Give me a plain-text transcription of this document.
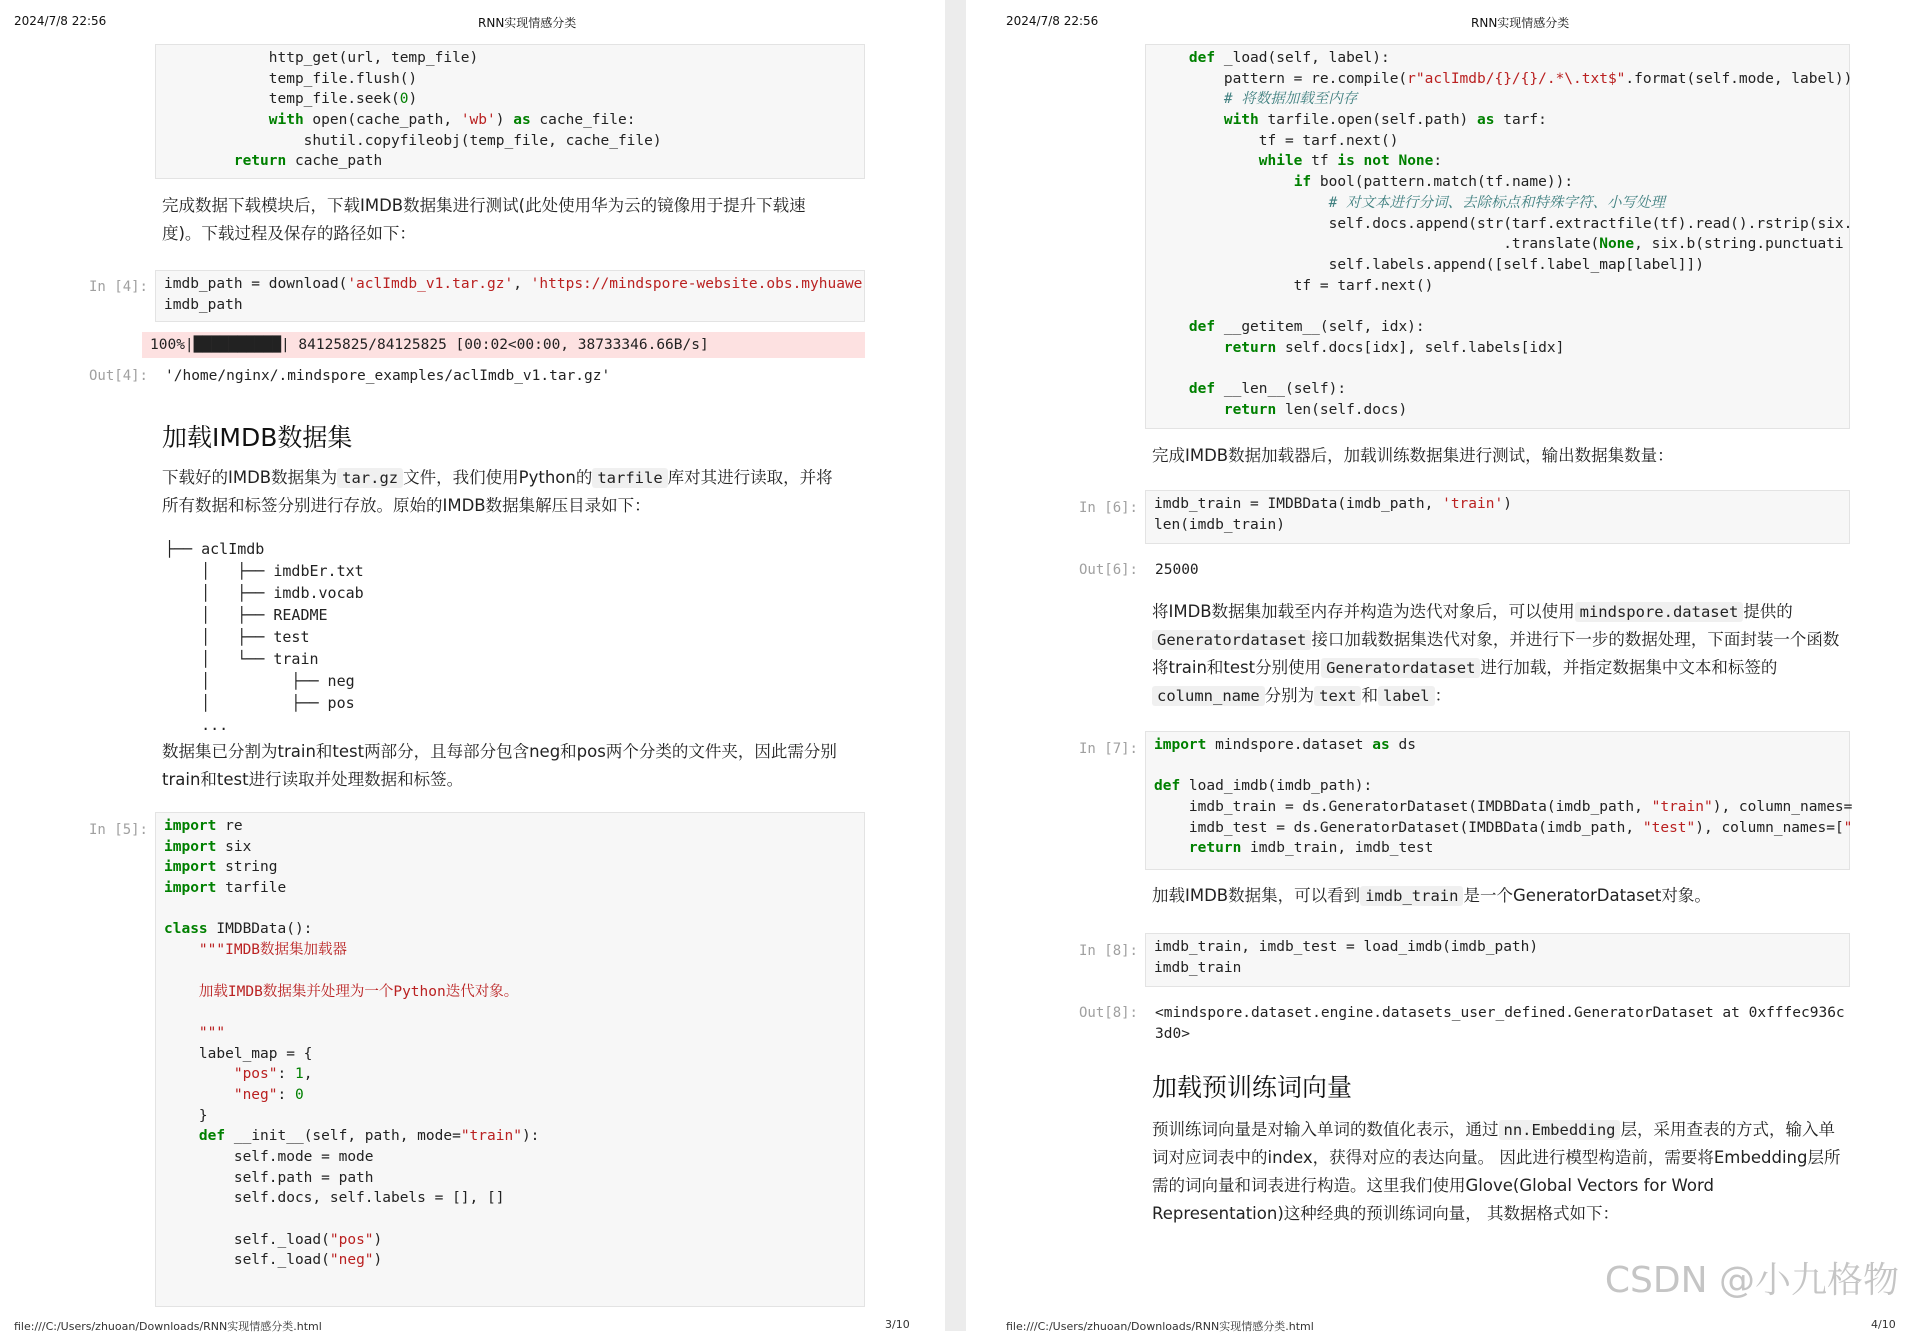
2024/7/8 22:56	RNN实现情感分类
http_get(url, temp_file)
temp_file.flush()
temp_file.seek(0)
with open(cache_path, 'wb') as cache_file:
shutil.copyfileobj(temp_file, cache_file)
return cache_path
完成数据下载模块后，下载IMDB数据集进行测试(此处使用华为云的镜像用于提升下载速度)。下载过程及保存的路径如下：
In [4]: imdb_path = download('aclImdb_v1.tar.gz', 'https://mindspore-website.obs.myhuawe
imdb_path
100%|██████████| 84125825/84125825 [00:02<00:00, 38733346.66B/s]
Out[4]: '/home/nginx/.mindspore_examples/aclImdb_v1.tar.gz'
加载IMDB数据集
下载好的IMDB数据集为 tar.gz 文件，我们使用Python的 tarfile 库对其进行读取，并将所有数据和标签分别进行存放。原始的IMDB数据集解压目录如下：
├── aclImdb
│   ├── imdbEr.txt
│   ├── imdb.vocab
│   ├── README
│   ├── test
│   └── train
│         ├── neg
│         ├── pos
...
数据集已分割为train和test两部分，且每部分包含neg和pos两个分类的文件夹，因此需分别train和test进行读取并处理数据和标签。
In [5]: import re
import six
import string
import tarfile
class IMDBData():
"""IMDB数据集加载器
加载IMDB数据集并处理为一个Python迭代对象。
"""
label_map = {
"pos": 1,
"neg": 0
}
def __init__(self, path, mode="train"):
self.mode = mode
self.path = path
self.docs, self.labels = [], []
self._load("pos")
self._load("neg")
file:///C:/Users/zhuoan/Downloads/RNN实现情感分类.html	3/10
2024/7/8 22:56	RNN实现情感分类
def _load(self, label):
pattern = re.compile(r"aclImdb/{}/{}/.*\.txt$".format(self.mode, label))
# 将数据加载至内存
with tarfile.open(self.path) as tarf:
tf = tarf.next()
while tf is not None:
if bool(pattern.match(tf.name)):
# 对文本进行分词、去除标点和特殊字符、小写处理
self.docs.append(str(tarf.extractfile(tf).read().rstrip(six.
.translate(None, six.b(string.punctuati
self.labels.append([self.label_map[label]])
tf = tarf.next()
def __getitem__(self, idx):
return self.docs[idx], self.labels[idx]
def __len__(self):
return len(self.docs)
完成IMDB数据加载器后，加载训练数据集进行测试，输出数据集数量：
In [6]: imdb_train = IMDBData(imdb_path, 'train')
len(imdb_train)
Out[6]: 25000
将IMDB数据集加载至内存并构造为迭代对象后，可以使用 mindspore.dataset 提供的Generatordataset 接口加载数据集迭代对象，并进行下一步的数据处理，下面封装一个函数将train和test分别使用 Generatordataset 进行加载，并指定数据集中文本和标签的column_name 分别为 text 和 label ：
In [7]: import mindspore.dataset as ds
def load_imdb(imdb_path):
imdb_train = ds.GeneratorDataset(IMDBData(imdb_path, "train"), column_names=
imdb_test = ds.GeneratorDataset(IMDBData(imdb_path, "test"), column_names=["
return imdb_train, imdb_test
加载IMDB数据集，可以看到 imdb_train 是一个GeneratorDataset对象。
In [8]: imdb_train, imdb_test = load_imdb(imdb_path)
imdb_train
Out[8]: <mindspore.dataset.engine.datasets_user_defined.GeneratorDataset at 0xfffec936c
3d0>
加载预训练词向量
预训练词向量是对输入单词的数值化表示，通过 nn.Embedding 层，采用查表的方式，输入单词对应词表中的index，获得对应的表达向量。 因此进行模型构造前，需要将Embedding层所需的词向量和词表进行构造。这里我们使用Glove(Global Vectors for Word Representation)这种经典的预训练词向量， 其数据格式如下：
file:///C:/Users/zhuoan/Downloads/RNN实现情感分类.html	4/10
CSDN @小九格物
